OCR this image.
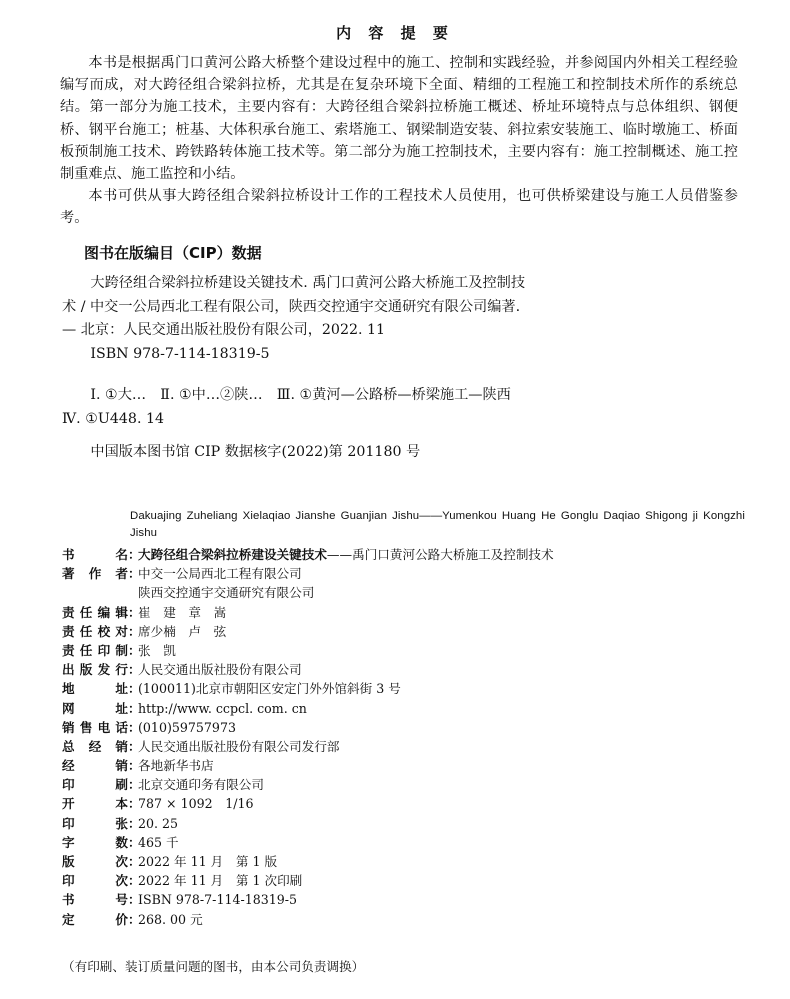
内 容 提 要

本书是根据禹门口黄河公路大桥整个建设过程中的施工、控制和实践经验，并参阅国内外相关工程经验编写而成，对大跨径组合梁斜拉桥，尤其是在复杂环境下全面、精细的工程施工和控制技术所作的系统总结。第一部分为施工技术，主要内容有：大跨径组合梁斜拉桥施工概述、桥址环境特点与总体组织、钢便桥、钢平台施工；桩基、大体积承台施工、索塔施工、钢梁制造安装、斜拉索安装施工、临时墩施工、桥面板预制施工技术、跨铁路转体施工技术等。第二部分为施工控制技术，主要内容有：施工控制概述、施工控制重难点、施工监控和小结。

本书可供从事大跨径组合梁斜拉桥设计工作的工程技术人员使用，也可供桥梁建设与施工人员借鉴参考。

图书在版编目（CIP）数据

大跨径组合梁斜拉桥建设关键技术. 禹门口黄河公路大桥施工及控制技术 / 中交一公局西北工程有限公司，陕西交控通宇交通研究有限公司编著. — 北京：人民交通出版社股份有限公司，2022. 11

ISBN 978-7-114-18319-5

Ⅰ. ①大…　Ⅱ. ①中…②陕…　Ⅲ. ①黄河—公路桥—桥梁施工—陕西　Ⅳ. ①U448. 14

中国版本图书馆 CIP 数据核字(2022)第 201180 号

Dakuajing Zuheliang Xielaqiao Jianshe Guanjian Jishu——Yumenkou Huang He Gonglu Daqiao Shigong ji Kongzhi Jishu
书	名 ：
大跨径组合梁斜拉桥建设关键技术——禹门口黄河公路大桥施工及控制技术
著 作 者 ：
中交一公局西北工程有限公司
陕西交控通宇交通研究有限公司
责 任 编 辑 ：
崔　建　章　嵩
责 任 校 对 ：
席少楠　卢　弦
责 任 印 制 ：
张　凯
出 版 发 行 ：
人民交通出版社股份有限公司
地	址 ：
(100011)北京市朝阳区安定门外外馆斜街 3 号
网	址 ：
http://www. ccpcl. com. cn
销 售 电 话 ：
(010)59757973
总 经 销 ：
人民交通出版社股份有限公司发行部
经	销 ：
各地新华书店
印	刷 ：
北京交通印务有限公司
开	本 ：
787 × 1092　1/16
印	张 ：
20. 25
字	数 ：
465 千
版	次 ：
2022 年 11 月　第 1 版
印	次 ：
2022 年 11 月　第 1 次印刷
书	号 ：
ISBN 978-7-114-18319-5
定	价 ：
268. 00 元
（有印刷、装订质量问题的图书，由本公司负责调换）
